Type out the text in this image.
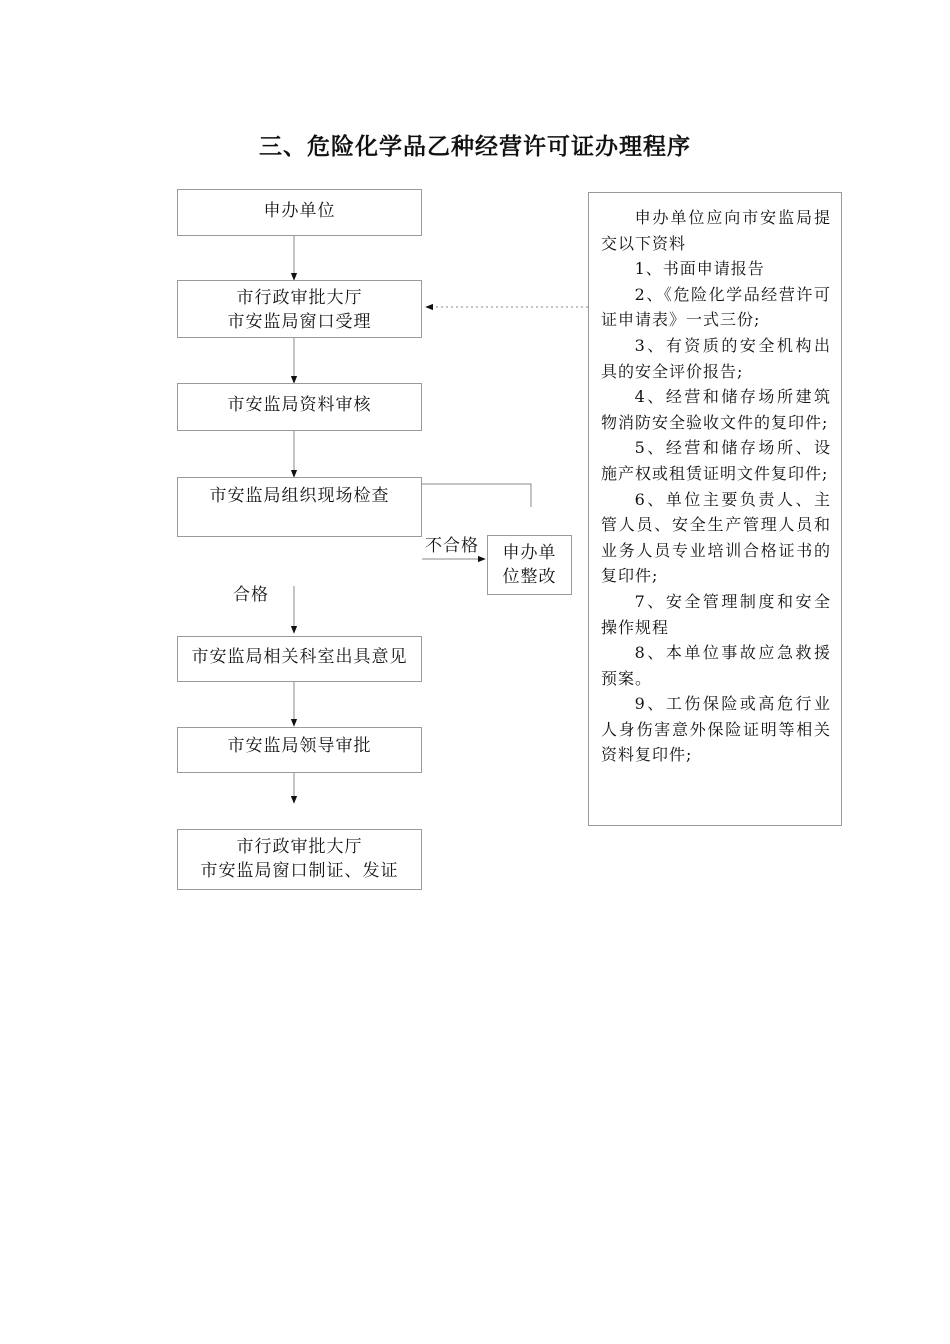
三、危险化学品乙种经营许可证办理程序
申办单位
市行政审批大厅
市安监局窗口受理
市安监局资料审核
市安监局组织现场检查
不合格	申办单
位整改
合格
市安监局相关科室出具意见
市安监局领导审批
市行政审批大厅
市安监局窗口制证、发证

申办单位应向市安监局提交以下资料

1、书面申请报告

2、《危险化学品经营许可证申请表》一式三份;

3、有资质的安全机构出具的安全评价报告;

4、经营和储存场所建筑物消防安全验收文件的复印件;

5、经营和储存场所、设施产权或租赁证明文件复印件;

6、单位主要负责人、主管人员、安全生产管理人员和业务人员专业培训合格证书的复印件;

7、安全管理制度和安全操作规程

8、本单位事故应急救援预案。

9、工伤保险或高危行业人身伤害意外保险证明等相关资料复印件;
